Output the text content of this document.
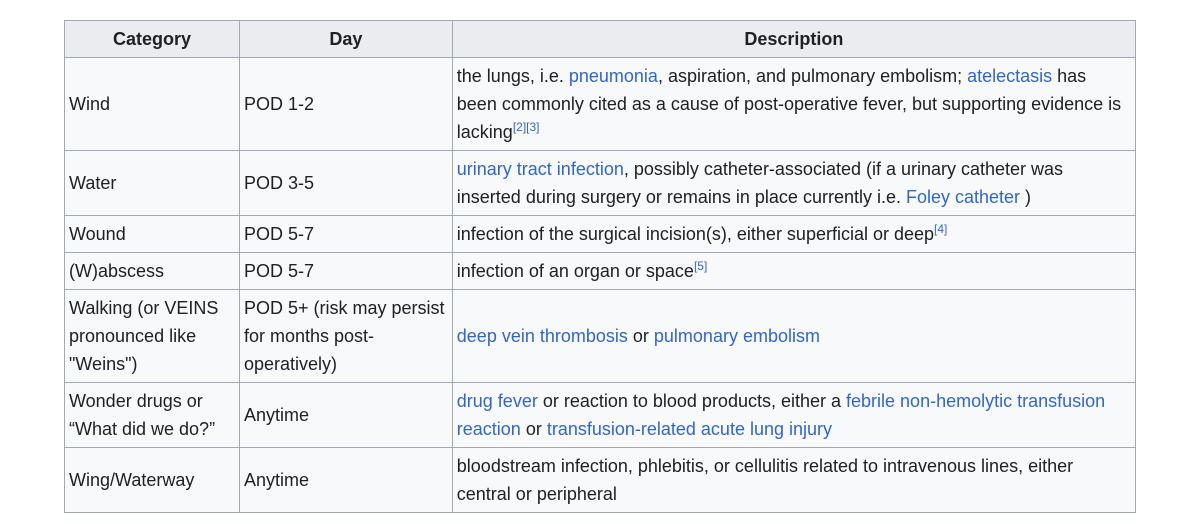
Category	Day	Description
Wind	POD 1-2	the lungs, i.e. pneumonia, aspiration, and pulmonary embolism; atelectasis has been commonly cited as a cause of post-operative fever, but supporting evidence is lacking[2][3]
Water	POD 3-5	urinary tract infection, possibly catheter-associated (if a urinary catheter was inserted during surgery or remains in place currently i.e. Foley catheter )
Wound	POD 5-7	infection of the surgical incision(s), either superficial or deep[4]
(W)abscess	POD 5-7	infection of an organ or space[5]
Walking (or VEINS pronounced like "Weins")	POD 5+ (risk may persist for months post-operatively)	deep vein thrombosis or pulmonary embolism
Wonder drugs or “What did we do?”	Anytime	drug fever or reaction to blood products, either a febrile non-hemolytic transfusion reaction or transfusion-related acute lung injury
Wing/Waterway	Anytime	bloodstream infection, phlebitis, or cellulitis related to intravenous lines, either central or peripheral
